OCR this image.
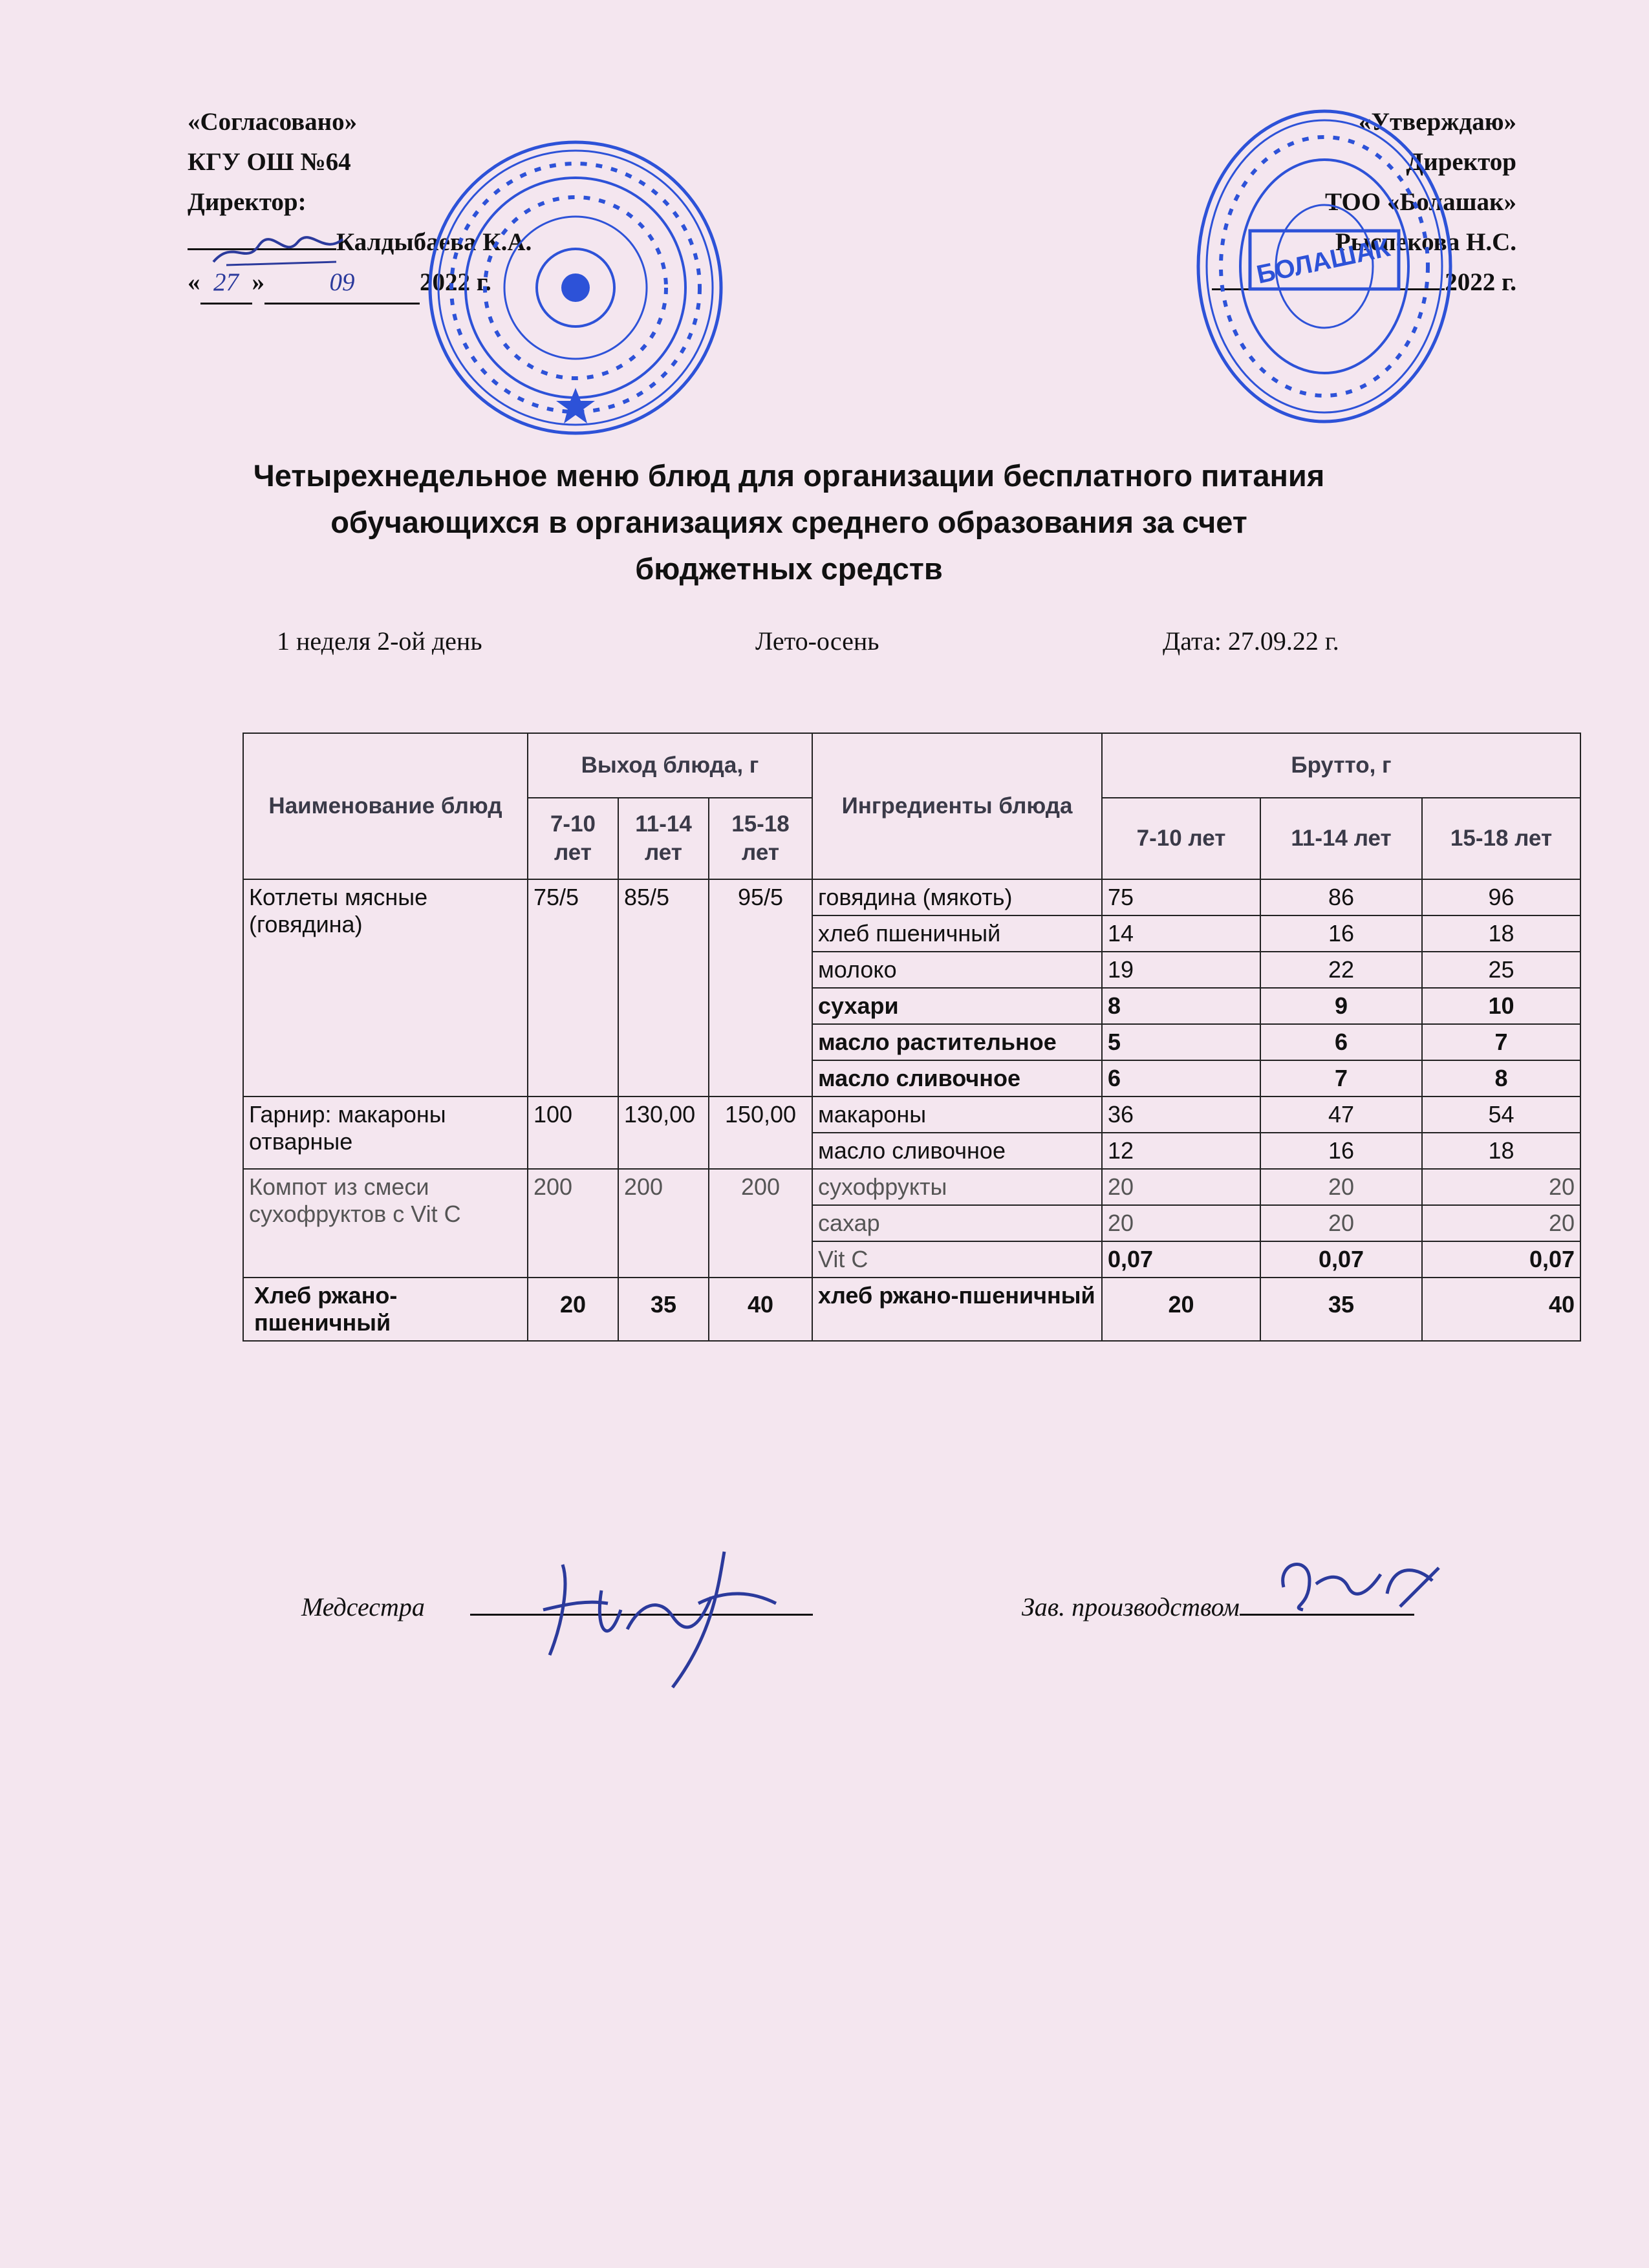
«Согласовано»
КГУ ОШ №64
Директор:
Калдыбаева К.А.
« 27 »	09	2022 г.
«Утверждаю»
Директор
ТОО «Болашак»
Рыспекова Н.С.
2022 г.
БОЛАШАК
Четырехнедельное меню блюд для организации бесплатного питания обучающихся в организациях среднего образования за счет бюджетных средств
1 неделя 2-ой день	Лето-осень	Дата: 27.09.22 г.
Наименование блюд	Выход блюда, г			Ингредиенты блюда	Брутто, г		
	7-10 лет	11-14 лет	15-18 лет		7-10 лет	11-14 лет	15-18 лет
Котлеты мясные (говядина)	75/5	85/5	95/5	говядина (мякоть)	75	86	96
				хлеб пшеничный	14	16	18
				молоко	19	22	25
				сухари	8	9	10
				масло растительное	5	6	7
				масло сливочное	6	7	8
Гарнир: макароны отварные	100	130,00	150,00	макароны	36	47	54
				масло сливочное	12	16	18
Компот из смеси сухофруктов с Vit C	200	200	200	сухофрукты	20	20	20
				сахар	20	20	20
				Vit C	0,07	0,07	0,07
Хлеб ржано-пшеничный	20	35	40	хлеб ржано-пшеничный	20	35	40
Медсестра	Зав. производством
